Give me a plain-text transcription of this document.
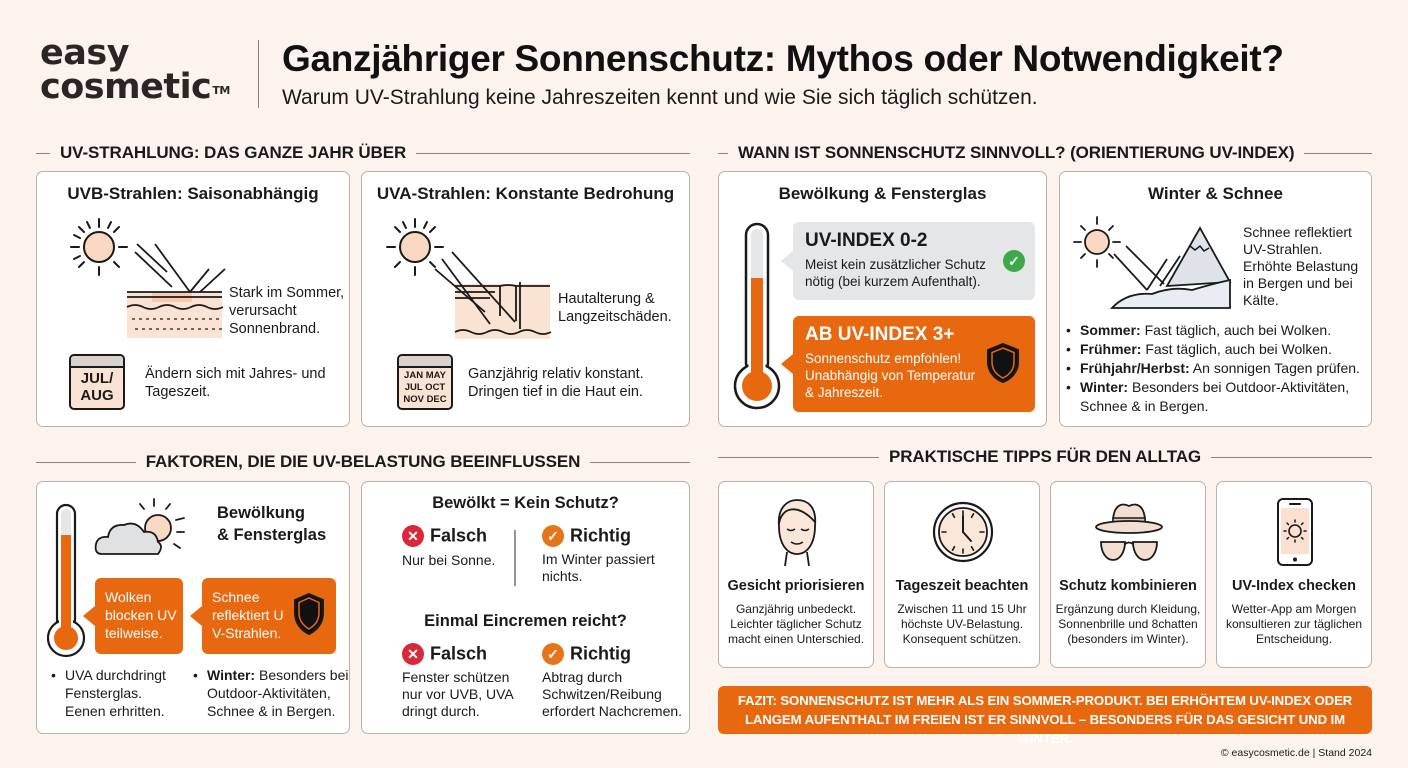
easy
cosmetic™
Ganzjähriger Sonnenschutz: Mythos oder Notwendigkeit?
Warum UV-Strahlung keine Jahreszeiten kennt und wie Sie sich täglich schützen.
UV-STRAHLUNG: DAS GANZE JAHR ÜBER	WANN IST SONNENSCHUTZ SINNVOLL? (ORIENTIERUNG UV-INDEX)
FAKTOREN, DIE DIE UV-BELASTUNG BEEINFLUSSEN	PRAKTISCHE TIPPS FÜR DEN ALLTAG
UVB-Strahlen: Saisonabhängig
Stark im Sommer,
verursacht
Sonnenbrand.
JUL/
AUG
Ändern sich mit Jahres- und
Tageszeit.
UVA-Strahlen: Konstante Bedrohung
Hautalterung &
Langzeitschäden.
JAN MAY
JUL OCT
NOV DEC
Ganzjährig relativ konstant.
Dringen tief in die Haut ein.
Bewölkung & Fensterglas
UV-INDEX 0-2
Meist kein zusätzlicher Schutz
nötig (bei kurzem Aufenthalt).
✓
AB UV-INDEX 3+
Sonnenschutz empfohlen!
Unabhängig von Temperatur
& Jahreszeit.
Winter & Schnee
Schnee reflektiert
UV-Strahlen.
Erhöhte Belastung
in Bergen und bei
Kälte.
• Sommer: Fast täglich, auch bei Wolken.
• Frühmer: Fast täglich, auch bei Wolken.
• Frühjahr/Herbst: An sonnigen Tagen prüfen.
• Winter: Besonders bei Outdoor-Aktivitäten,
Schnee & in Bergen.
Bewölkung
& Fensterglas
Wolken
blocken UV
teilweise.
Schnee
reflektiert U
V-Strahlen.
• UVA durchdringt
Fensterglas.
Eenen erhritten.
• Winter: Besonders bei
Outdoor-Aktivitäten,
Schnee & in Bergen.
Bewölkt = Kein Schutz?
✕ Falsch
Nur bei Sonne.
✓ Richtig
Im Winter passiert
nichts.
Einmal Eincremen reicht?
✕ Falsch
Fenster schützen
nur vor UVB, UVA
dringt durch.
✓ Richtig
Abtrag durch
Schwitzen/Reibung
erfordert Nachcremen.
Gesicht priorisieren
Ganzjährig unbedeckt.
Leichter täglicher Schutz
macht einen Unterschied.
Tageszeit beachten
Zwischen 11 und 15 Uhr
höchste UV-Belastung.
Konsequent schützen.
Schutz kombinieren
Ergänzung durch Kleidung,
Sonnenbrille und 8chatten
(besonders im Winter).
UV-Index checken
Wetter-App am Morgen
konsultieren zur täglichen
Entscheidung.
FAZIT: SONNENSCHUTZ IST MEHR ALS EIN SOMMER-PRODUKT. BEI ERHÖHTEM UV-INDEX ODER
LANGEM AUFENTHALT IM FREIEN IST ER SINNVOLL – BESONDERS FÜR DAS GESICHT UND IM WINTER.
© easycosmetic.de | Stand 2024
